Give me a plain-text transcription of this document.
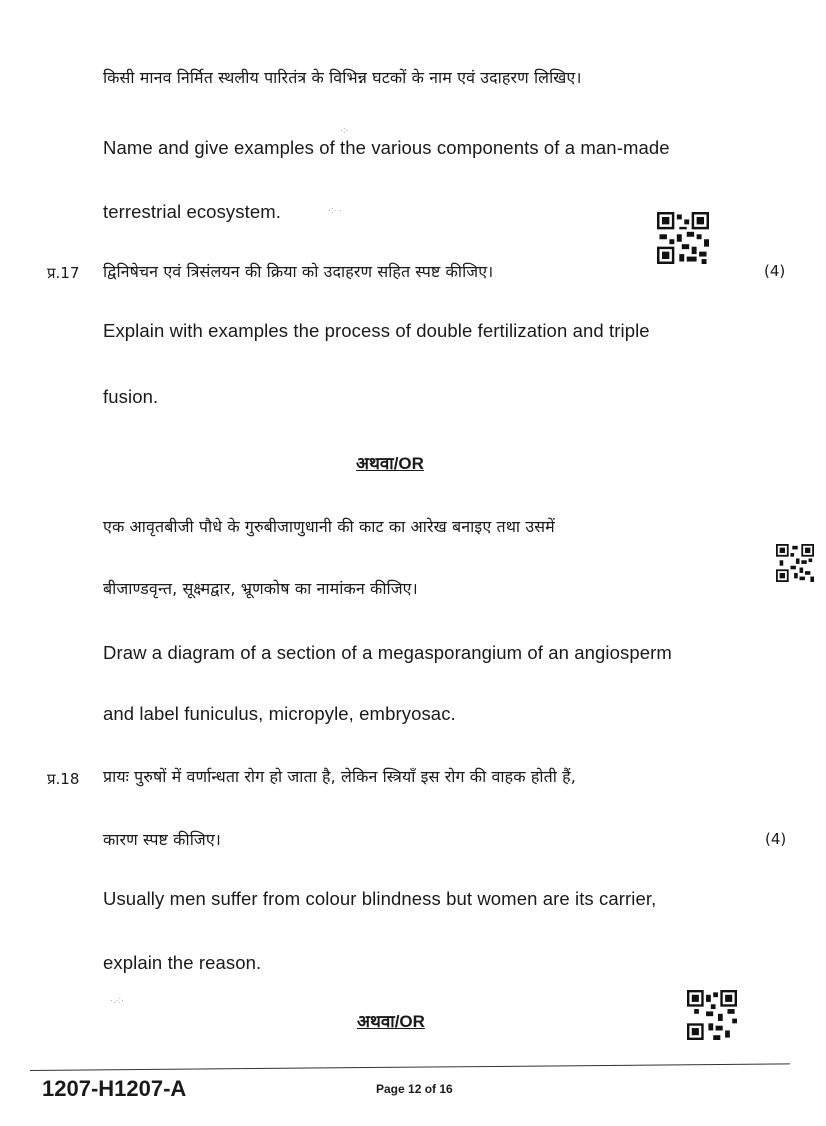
किसी मानव निर्मित स्थलीय पारितंत्र के विभिन्न घटकों के नाम एवं उदाहरण लिखिए।
Name and give examples of the various components of a man-made
terrestrial ecosystem.
प्र.17 द्विनिषेचन एवं त्रिसंलयन की क्रिया को उदाहरण सहित स्पष्ट कीजिए।	(4)
Explain with examples the process of double fertilization and triple
fusion.
अथवा/OR
एक आवृतबीजी पौधे के गुरुबीजाणुधानी की काट का आरेख बनाइए तथा उसमें
बीजाण्डवृन्त, सूक्ष्मद्वार, भ्रूणकोष का नामांकन कीजिए।
Draw a diagram of a section of a megasporangium of an angiosperm
and label funiculus, micropyle, embryosac.
प्र.18 प्रायः पुरुषों में वर्णान्धता रोग हो जाता है, लेकिन स्त्रियाँ इस रोग की वाहक होती हैं,
कारण स्पष्ट कीजिए।	(4)
Usually men suffer from colour blindness but women are its carrier,
explain the reason.
अथवा/OR
·:·
·:· ·
·.·:·
1207-H1207-A	Page 12 of 16
